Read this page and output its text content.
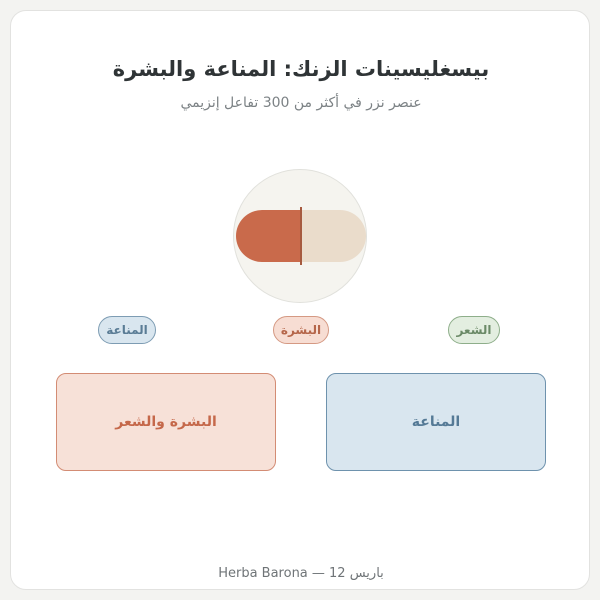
بيسغليسينات الزنك: المناعة والبشرة
عنصر نزر في أكثر من 300 تفاعل إنزيمي
الشعر
البشرة
المناعة
البشرة والشعر	المناعة
Herba Barona — 12 باريس
